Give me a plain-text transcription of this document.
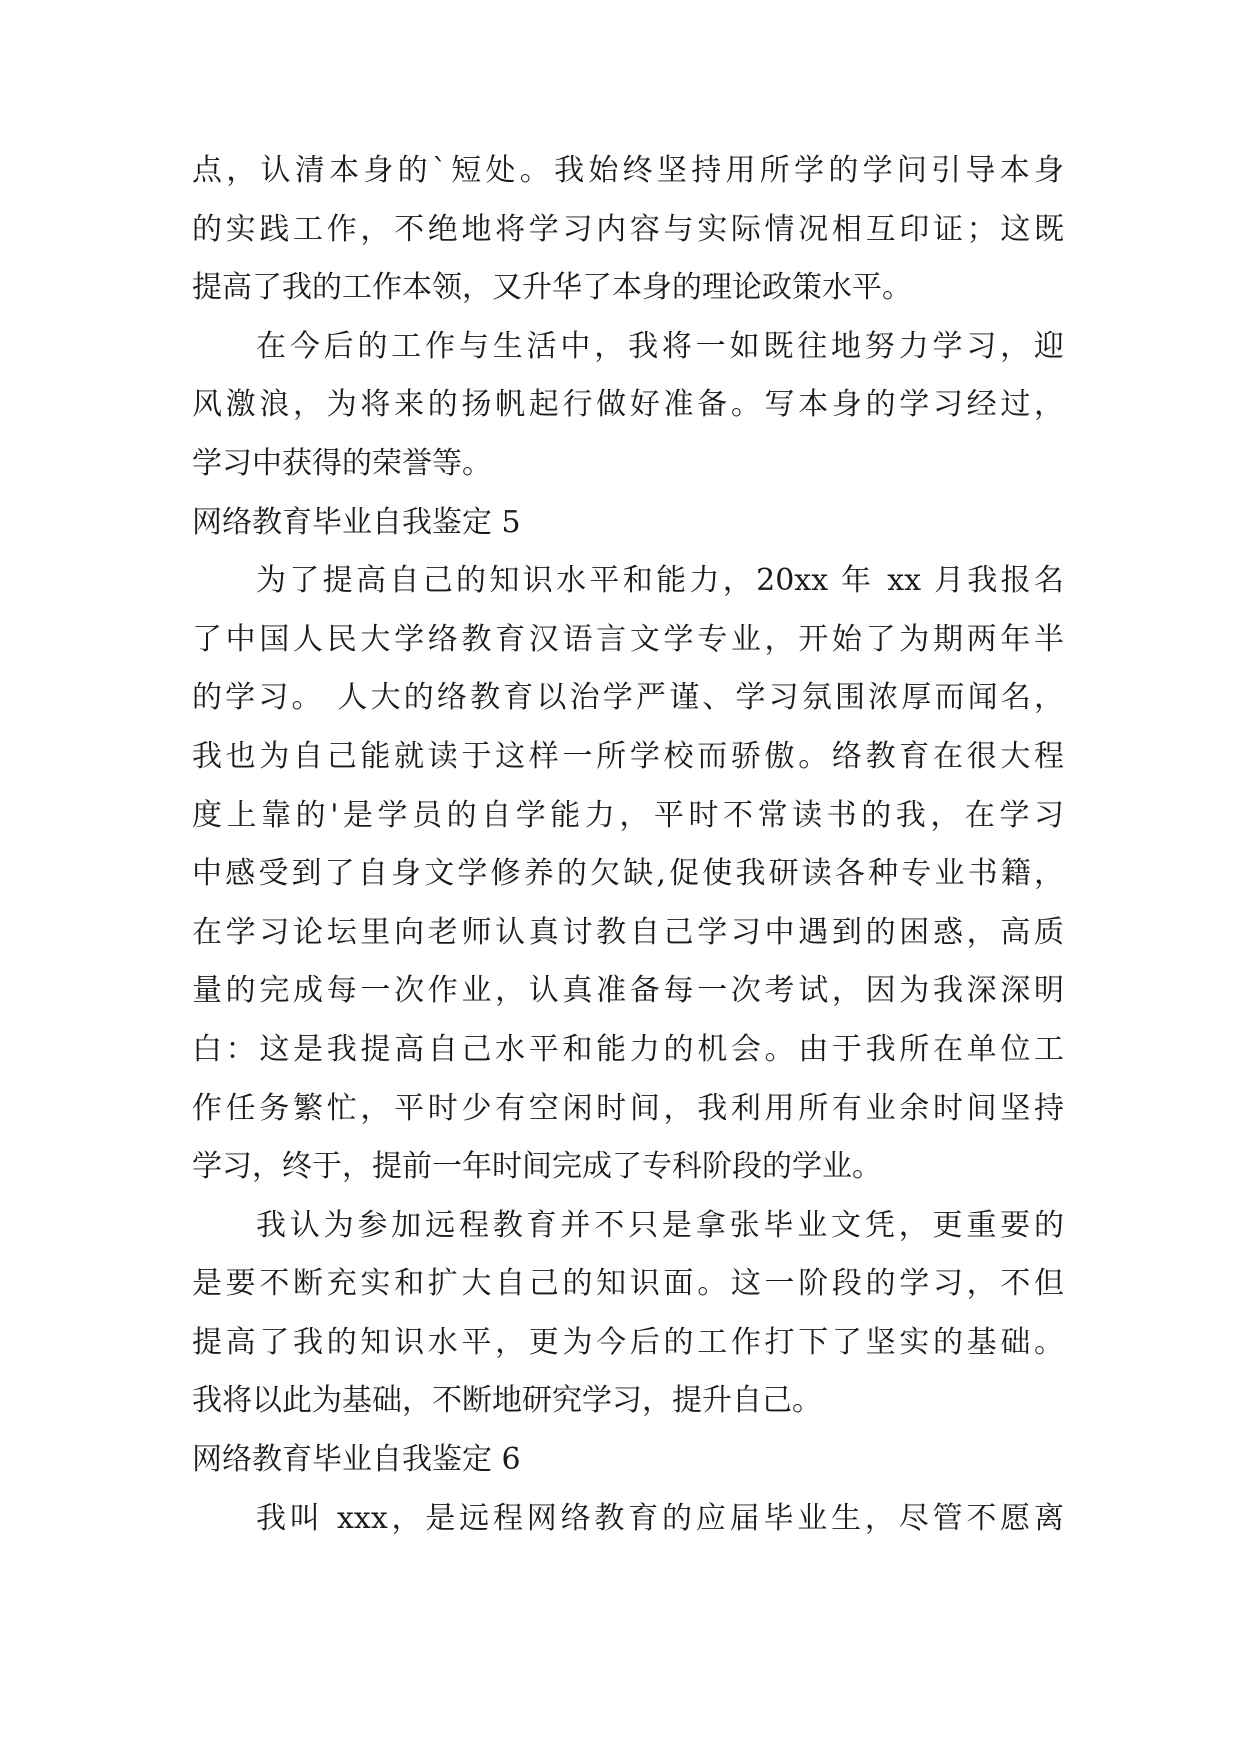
点，认清本身的`短处。我始终坚持用所学的学问引导本身
的实践工作，不绝地将学习内容与实际情况相互印证；这既
提高了我的工作本领，又升华了本身的理论政策水平。
在今后的工作与生活中，我将一如既往地努力学习，迎
风激浪，为将来的扬帆起行做好准备。写本身的学习经过，
学习中获得的荣誉等。
网络教育毕业自我鉴定 5
为了提高自己的知识水平和能力，20xx 年 xx 月我报名
了中国人民大学络教育汉语言文学专业，开始了为期两年半
的学习。 人大的络教育以治学严谨、学习氛围浓厚而闻名，
我也为自己能就读于这样一所学校而骄傲。络教育在很大程
度上靠的'是学员的自学能力，平时不常读书的我，在学习
中感受到了自身文学修养的欠缺,促使我研读各种专业书籍，
在学习论坛里向老师认真讨教自己学习中遇到的困惑，高质
量的完成每一次作业，认真准备每一次考试，因为我深深明
白：这是我提高自己水平和能力的机会。由于我所在单位工
作任务繁忙，平时少有空闲时间，我利用所有业余时间坚持
学习，终于，提前一年时间完成了专科阶段的学业。
我认为参加远程教育并不只是拿张毕业文凭，更重要的
是要不断充实和扩大自己的知识面。这一阶段的学习，不但
提高了我的知识水平，更为今后的工作打下了坚实的基础。
我将以此为基础，不断地研究学习，提升自己。
网络教育毕业自我鉴定 6
我叫 xxx，是远程网络教育的应届毕业生，尽管不愿离
